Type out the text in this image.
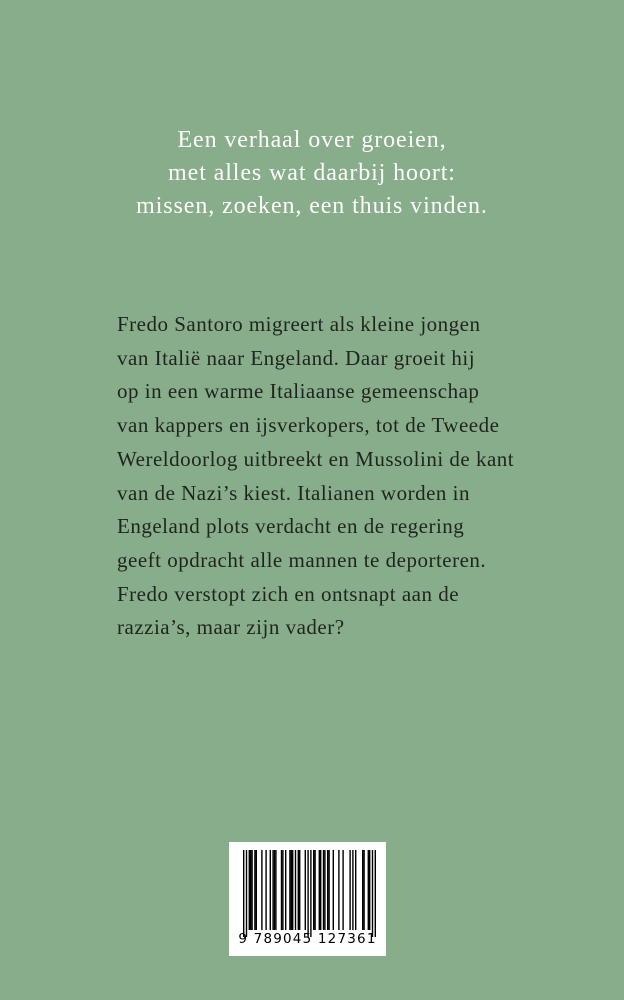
Een verhaal over groeien,
met alles wat daarbij hoort:
missen, zoeken, een thuis vinden.
Fredo Santoro migreert als kleine jongen
van Italië naar Engeland. Daar groeit hij
op in een warme Italiaanse gemeenschap
van kappers en ijsverkopers, tot de Tweede
Wereldoorlog uitbreekt en Mussolini de kant
van de Nazi’s kiest. Italianen worden in
Engeland plots verdacht en de regering
geeft opdracht alle mannen te deporteren.
Fredo verstopt zich en ontsnapt aan de
razzia’s, maar zijn vader?
9 789045 127361
